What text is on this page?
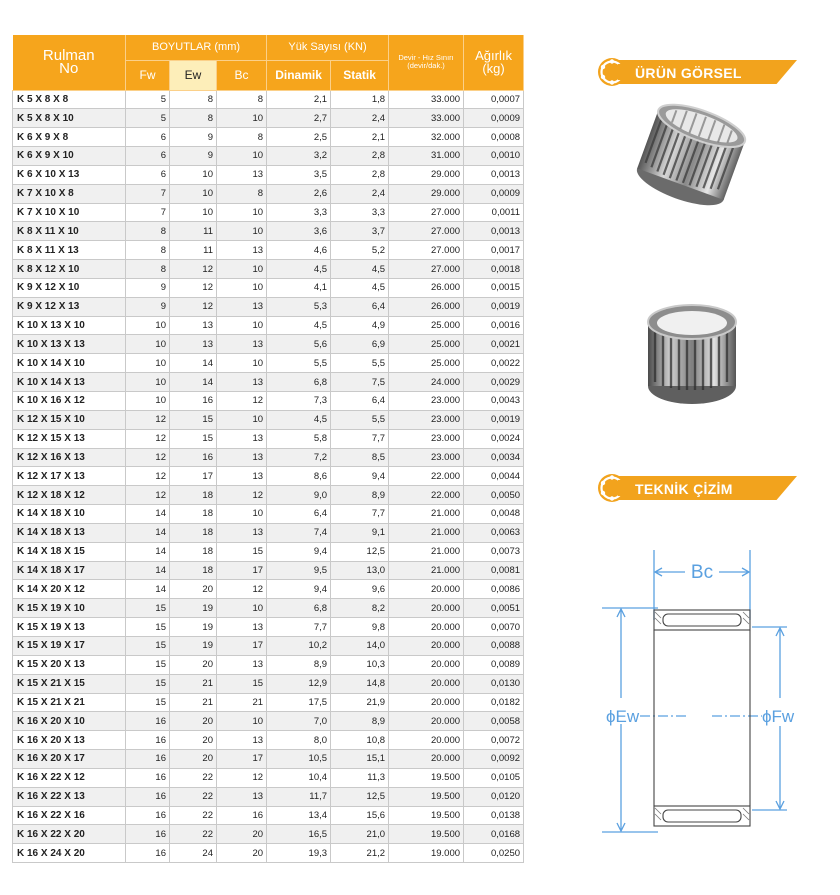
Rulman No	BOYUTLAR (mm)			Yük Sayısı (KN)		Devir - Hız Sınırı (devir/dak.)	Ağırlık (kg)
	Fw	Ew	Bc	Dinamik	Statik		
K 5 X 8 X 8	5	8	8	2,1	1,8	33.000	0,0007
K 5 X 8 X 10	5	8	10	2,7	2,4	33.000	0,0009
K 6 X 9 X 8	6	9	8	2,5	2,1	32.000	0,0008
K 6 X 9 X 10	6	9	10	3,2	2,8	31.000	0,0010
K 6 X 10 X 13	6	10	13	3,5	2,8	29.000	0,0013
K 7 X 10 X 8	7	10	8	2,6	2,4	29.000	0,0009
K 7 X 10 X 10	7	10	10	3,3	3,3	27.000	0,0011
K 8 X 11 X 10	8	11	10	3,6	3,7	27.000	0,0013
K 8 X 11 X 13	8	11	13	4,6	5,2	27.000	0,0017
K 8 X 12 X 10	8	12	10	4,5	4,5	27.000	0,0018
K 9 X 12 X 10	9	12	10	4,1	4,5	26.000	0,0015
K 9 X 12 X 13	9	12	13	5,3	6,4	26.000	0,0019
K 10 X 13 X 10	10	13	10	4,5	4,9	25.000	0,0016
K 10 X 13 X 13	10	13	13	5,6	6,9	25.000	0,0021
K 10 X 14 X 10	10	14	10	5,5	5,5	25.000	0,0022
K 10 X 14 X 13	10	14	13	6,8	7,5	24.000	0,0029
K 10 X 16 X 12	10	16	12	7,3	6,4	23.000	0,0043
K 12 X 15 X 10	12	15	10	4,5	5,5	23.000	0,0019
K 12 X 15 X 13	12	15	13	5,8	7,7	23.000	0,0024
K 12 X 16 X 13	12	16	13	7,2	8,5	23.000	0,0034
K 12 X 17 X 13	12	17	13	8,6	9,4	22.000	0,0044
K 12 X 18 X 12	12	18	12	9,0	8,9	22.000	0,0050
K 14 X 18 X 10	14	18	10	6,4	7,7	21.000	0,0048
K 14 X 18 X 13	14	18	13	7,4	9,1	21.000	0,0063
K 14 X 18 X 15	14	18	15	9,4	12,5	21.000	0,0073
K 14 X 18 X 17	14	18	17	9,5	13,0	21.000	0,0081
K 14 X 20 X 12	14	20	12	9,4	9,6	20.000	0,0086
K 15 X 19 X 10	15	19	10	6,8	8,2	20.000	0,0051
K 15 X 19 X 13	15	19	13	7,7	9,8	20.000	0,0070
K 15 X 19 X 17	15	19	17	10,2	14,0	20.000	0,0088
K 15 X 20 X 13	15	20	13	8,9	10,3	20.000	0,0089
K 15 X 21 X 15	15	21	15	12,9	14,8	20.000	0,0130
K 15 X 21 X 21	15	21	21	17,5	21,9	20.000	0,0182
K 16 X 20 X 10	16	20	10	7,0	8,9	20.000	0,0058
K 16 X 20 X 13	16	20	13	8,0	10,8	20.000	0,0072
K 16 X 20 X 17	16	20	17	10,5	15,1	20.000	0,0092
K 16 X 22 X 12	16	22	12	10,4	11,3	19.500	0,0105
K 16 X 22 X 13	16	22	13	11,7	12,5	19.500	0,0120
K 16 X 22 X 16	16	22	16	13,4	15,6	19.500	0,0138
K 16 X 22 X 20	16	22	20	16,5	21,0	19.500	0,0168
K 16 X 24 X 20	16	24	20	19,3	21,2	19.000	0,0250
ÜRÜN GÖRSEL
TEKNİK ÇİZİM
Bc
ϕEw	ϕFw
